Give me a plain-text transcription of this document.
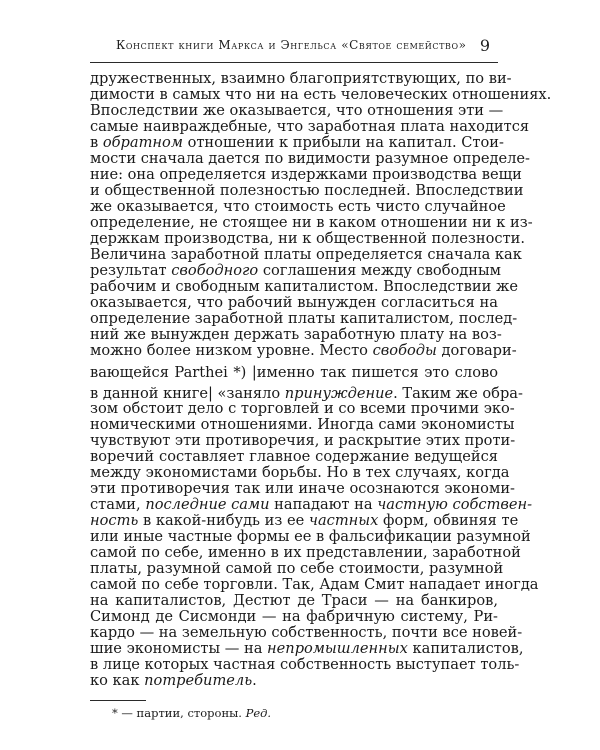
Конспект книги Маркса и Энгельса «Святое семейство» 9
дружественных, взаимно благоприятствующих, по ви-
димости в самых что ни на есть человеческих отношениях.
Впоследствии же оказывается, что отношения эти —
самые наивраждебные, что заработная плата находится
в обратном отношении к прибыли на капитал. Стои-
мости сначала дается по видимости разумное определе-
ние: она определяется издержками производства вещи
и общественной полезностью последней. Впоследствии
же оказывается, что стоимость есть чисто случайное
определение, не стоящее ни в каком отношении ни к из-
держкам производства, ни к общественной полезности.
Величина заработной платы определяется сначала как
результат свободного соглашения между свободным
рабочим и свободным капиталистом. Впоследствии же
оказывается, что рабочий вынужден согласиться на
определение заработной платы капиталистом, послед-
ний же вынужден держать заработную плату на воз-
можно более низком уровне. Место свободы договари-
вающейся Parthei *) |именно так пишется это слово
в данной книге| «заняло принуждение. Таким же обра-
зом обстоит дело с торговлей и со всеми прочими эко-
номическими отношениями. Иногда сами экономисты
чувствуют эти противоречия, и раскрытие этих проти-
воречий составляет главное содержание ведущейся
между экономистами борьбы. Но в тех случаях, когда
эти противоречия так или иначе осознаются экономи-
стами, последние сами нападают на частную собствен-
ность в какой-нибудь из ее частных форм, обвиняя те
или иные частные формы ее в фальсификации разумной
самой по себе, именно в их представлении, заработной
платы, разумной самой по себе стоимости, разумной
самой по себе торговли. Так, Адам Смит нападает иногда
на капиталистов, Дестют де Траси — на банкиров,
Симонд де Сисмонди — на фабричную систему, Ри-
кардо — на земельную собственность, почти все новей-
шие экономисты — на непромышленных капиталистов,
в лице которых частная собственность выступает толь-
ко как потребитель.
* — партии, стороны. Ред.
